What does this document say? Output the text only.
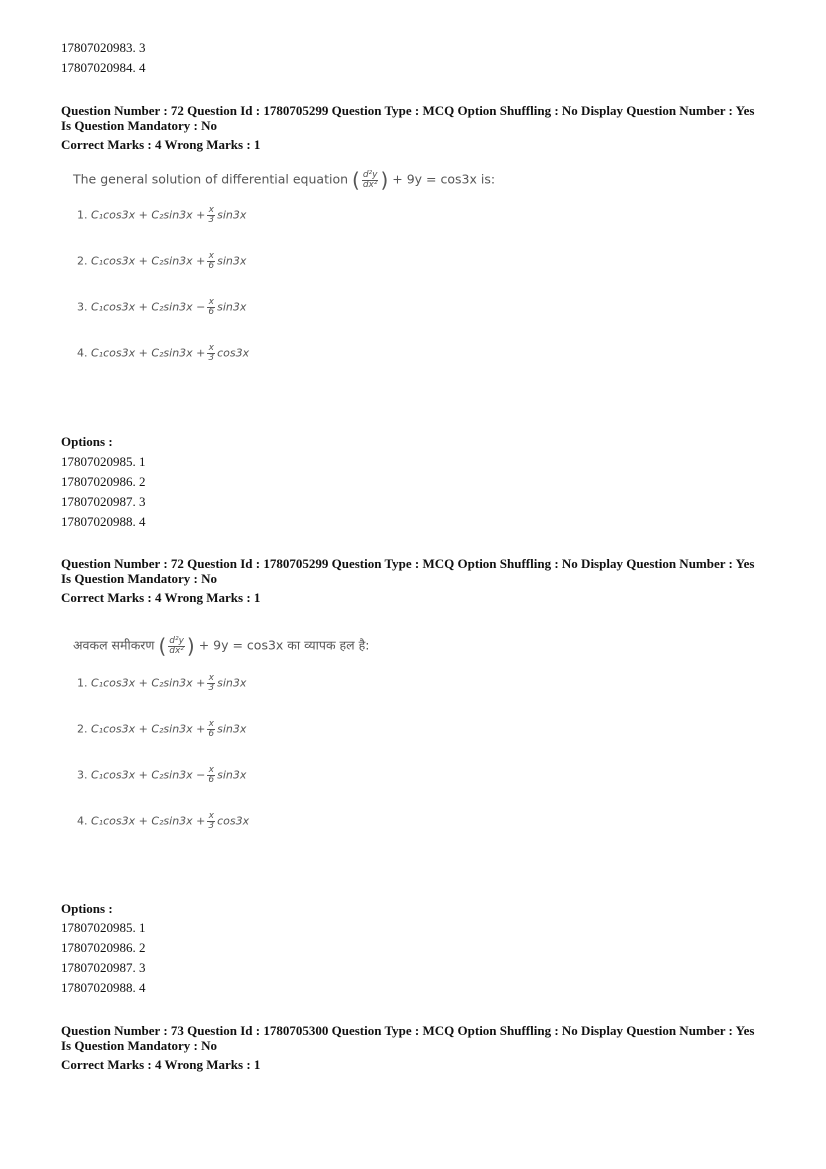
17807020983. 3
17807020984. 4
Question Number : 72 Question Id : 1780705299 Question Type : MCQ Option Shuffling : No Display Question Number : Yes
Is Question Mandatory : No
Correct Marks : 4 Wrong Marks : 1
The general solution of differential equation ( $\frac{\text{d²y}}{\text{dx²}}$ ) + 9y = cos3x is:
1. $C_1\cos 3x + C_2\sin 3x + \frac{x}{3} \sin 3x$
2. $C_1\cos 3x + C_2\sin 3x + \frac{x}{6} \sin 3x$
3. $C_1\cos 3x + C_2\sin 3x - \frac{x}{6} \sin 3x$
4. $C_1\cos 3x + C_2\sin 3x + \frac{x}{3} \cos 3x$
Options :
17807020985. 1
17807020986. 2
17807020987. 3
17807020988. 4
Question Number : 72 Question Id : 1780705299 Question Type : MCQ Option Shuffling : No Display Question Number : Yes
Is Question Mandatory : No
Correct Marks : 4 Wrong Marks : 1
अवकल समीकरण ( $\frac{\text{d²y}}{\text{dx²}}$ ) + 9y = cos3x का व्यापक हल है:
1. $C_1\cos 3x + C_2\sin 3x + \frac{x}{3} \sin 3x$
2. $C_1\cos 3x + C_2\sin 3x + \frac{x}{6} \sin 3x$
3. $C_1\cos 3x + C_2\sin 3x - \frac{x}{6} \sin 3x$
4. $C_1\cos 3x + C_2\sin 3x + \frac{x}{3} \cos 3x$
Options :
17807020985. 1
17807020986. 2
17807020987. 3
17807020988. 4
Question Number : 73 Question Id : 1780705300 Question Type : MCQ Option Shuffling : No Display Question Number : Yes
Is Question Mandatory : No
Correct Marks : 4 Wrong Marks : 1
